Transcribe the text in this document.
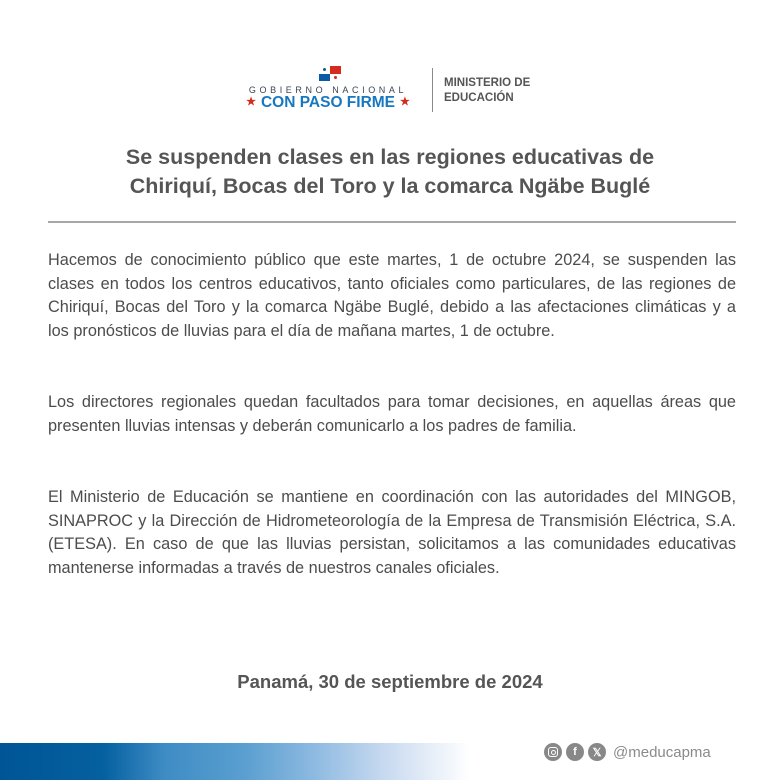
GOBIERNO NACIONAL
★ CON PASO FIRME ★
MINISTERIO DE
EDUCACIÓN
Se suspenden clases en las regiones educativas de
Chiriquí, Bocas del Toro y la comarca Ngäbe Buglé

Hacemos de conocimiento público que este martes, 1 de octubre 2024, se suspenden las clases en todos los centros educativos, tanto oficiales como particulares, de las regiones de Chiriquí, Bocas del Toro y la comarca Ngäbe Buglé, debido a las afectaciones climáticas y a los pronósticos de lluvias para el día de mañana martes, 1 de octubre.

Los directores regionales quedan facultados para tomar decisiones, en aquellas áreas que presenten lluvias intensas y deberán comunicarlo a los padres de familia.

El Ministerio de Educación se mantiene en coordinación con las autoridades del MINGOB, SINAPROC y la Dirección de Hidrometeorología de la Empresa de Transmisión Eléctrica, S.A. (ETESA). En caso de que las lluvias persistan, solicitamos a las comunidades educativas mantenerse informadas a través de nuestros canales oficiales.

Panamá, 30 de septiembre de 2024
f	𝕏 @meducapma
